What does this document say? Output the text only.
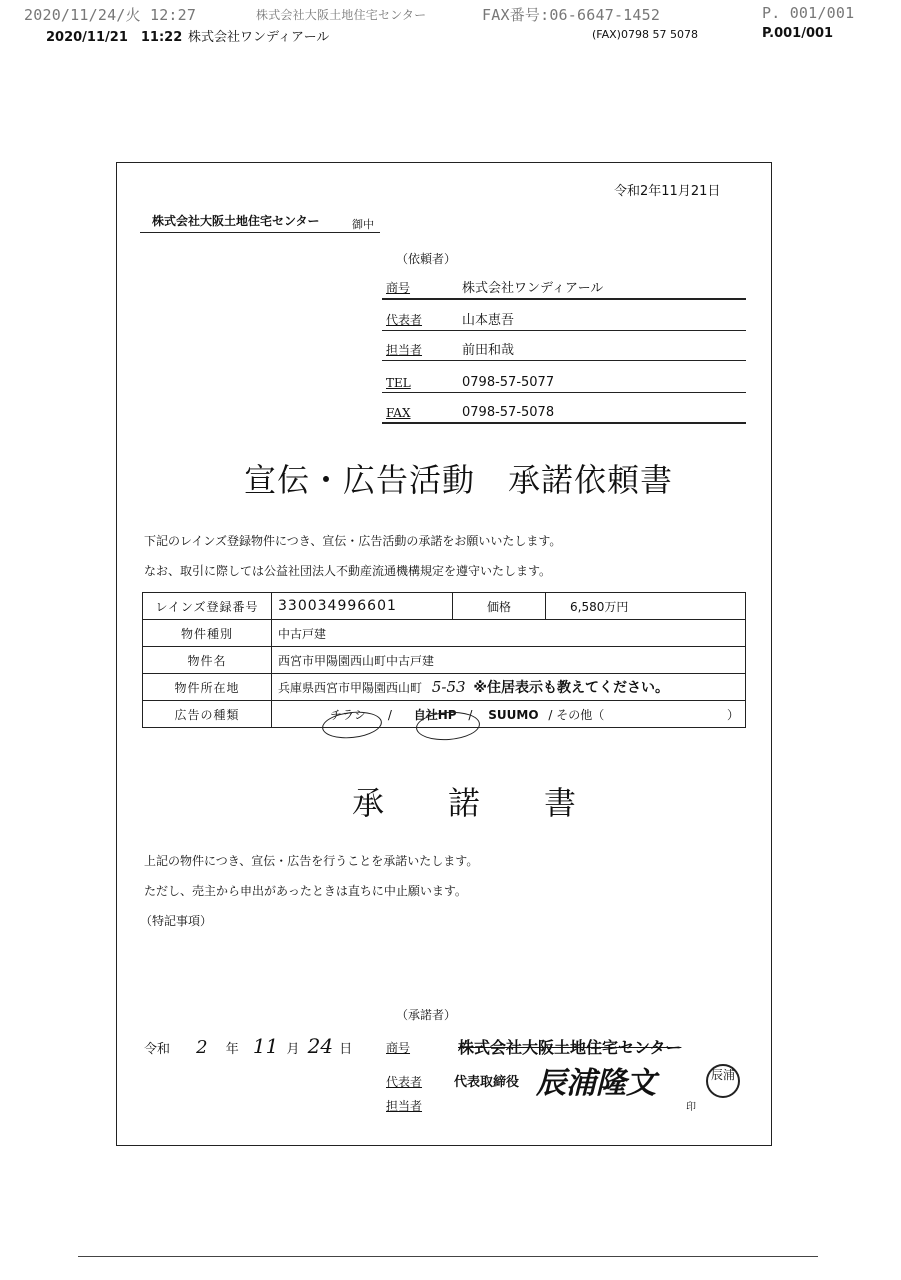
2020/11/24/火 12:27	株式会社大阪土地住宅センター	FAX番号:06-6647-1452	P. 001/001
2020/11/21　11:22 株式会社ワンディアール	(FAX)0798 57 5078	P.001/001
令和2年11月21日
株式会社大阪土地住宅センター	御中
（依頼者）
商号	株式会社ワンディアール
代表者	山本恵吾
担当者	前田和哉
TEL	0798-57-5077
FAX	0798-57-5078
宣伝・広告活動　承諾依頼書
下記のレインズ登録物件につき、宣伝・広告活動の承諾をお願いいたします。
なお、取引に際しては公益社団法人不動産流通機構規定を遵守いたします。
レインズ登録番号	330034996601	価格	6,580万円
物件種別	中古戸建		
物件名	西宮市甲陽園西山町中古戸建		
物件所在地	兵庫県西宮市甲陽園西山町 5-53 ※住居表示も教えてください。		
広告の種類	チラシ / 自社HP / SUUMO / その他（ ）		
承　　諾　　書
上記の物件につき、宣伝・広告を行うことを承諾いたします。
ただし、売主から申出があったときは直ちに中止願います。
（特記事項）
（承諾者）
令和 2 年 11 月 24 日	商号	株式会社大阪土地住宅センター
代表者 代表取締役 辰浦隆文
担当者	印
辰浦
